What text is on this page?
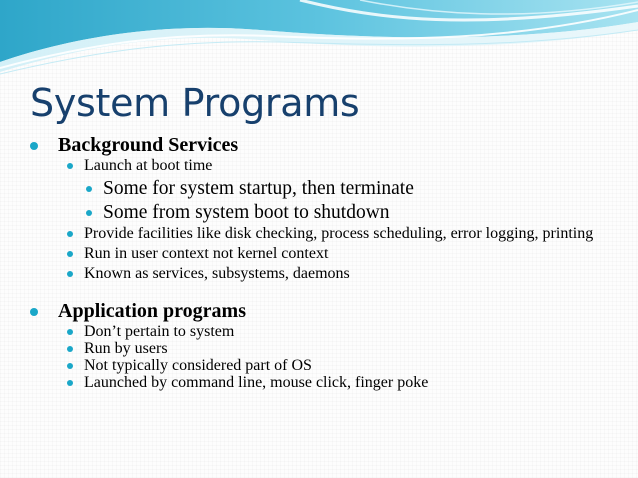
System Programs
Background Services
Launch at boot time
Some for system startup, then terminate
Some from system boot to shutdown
Provide facilities like disk checking, process scheduling, error logging, printing
Run in user context not kernel context
Known as services, subsystems, daemons
Application programs
Don’t pertain to system
Run by users
Not typically considered part of OS
Launched by command line, mouse click, finger poke
